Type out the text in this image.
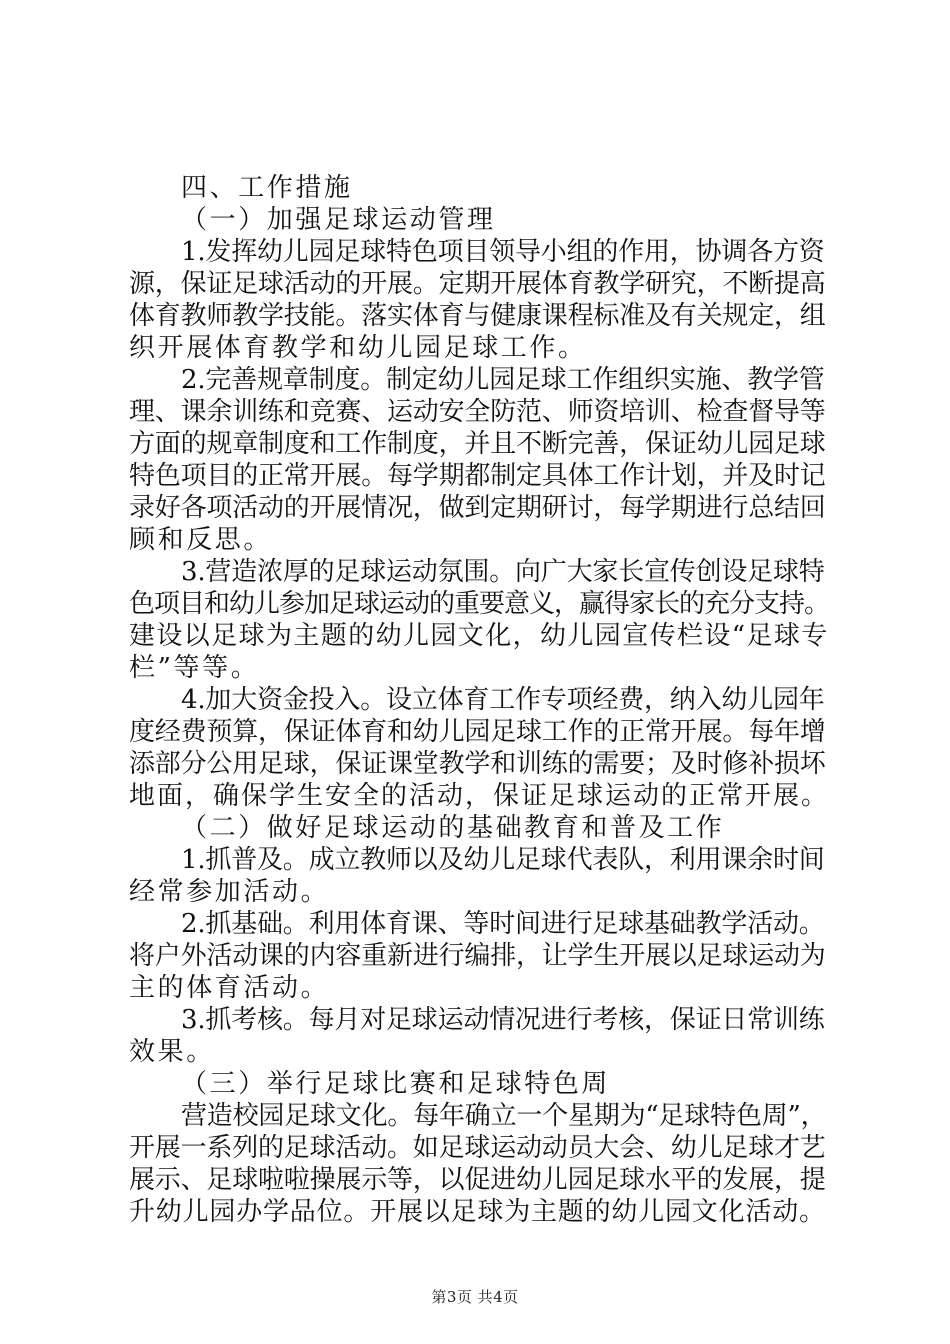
四、工作措施
（一）加强足球运动管理
1.发挥幼儿园足球特色项目领导小组的作用，协调各方资
源，保证足球活动的开展。定期开展体育教学研究，不断提高
体育教师教学技能。落实体育与健康课程标准及有关规定，组
织开展体育教学和幼儿园足球工作。
2.完善规章制度。制定幼儿园足球工作组织实施、教学管
理、课余训练和竞赛、运动安全防范、师资培训、检查督导等
方面的规章制度和工作制度，并且不断完善，保证幼儿园足球
特色项目的正常开展。每学期都制定具体工作计划，并及时记
录好各项活动的开展情况，做到定期研讨，每学期进行总结回
顾和反思。
3.营造浓厚的足球运动氛围。向广大家长宣传创设足球特
色项目和幼儿参加足球运动的重要意义，赢得家长的充分支持。
建设以足球为主题的幼儿园文化，幼儿园宣传栏设“足球专
栏”等等。
4.加大资金投入。设立体育工作专项经费，纳入幼儿园年
度经费预算，保证体育和幼儿园足球工作的正常开展。每年增
添部分公用足球，保证课堂教学和训练的需要；及时修补损坏
地面，确保学生安全的活动，保证足球运动的正常开展。
（二）做好足球运动的基础教育和普及工作
1.抓普及。成立教师以及幼儿足球代表队，利用课余时间
经常参加活动。
2.抓基础。利用体育课、等时间进行足球基础教学活动。
将户外活动课的内容重新进行编排，让学生开展以足球运动为
主的体育活动。
3.抓考核。每月对足球运动情况进行考核，保证日常训练
效果。
（三）举行足球比赛和足球特色周
营造校园足球文化。每年确立一个星期为“足球特色周”，
开展一系列的足球活动。如足球运动动员大会、幼儿足球才艺
展示、足球啦啦操展示等，以促进幼儿园足球水平的发展，提
升幼儿园办学品位。开展以足球为主题的幼儿园文化活动。
第3页 共4页
